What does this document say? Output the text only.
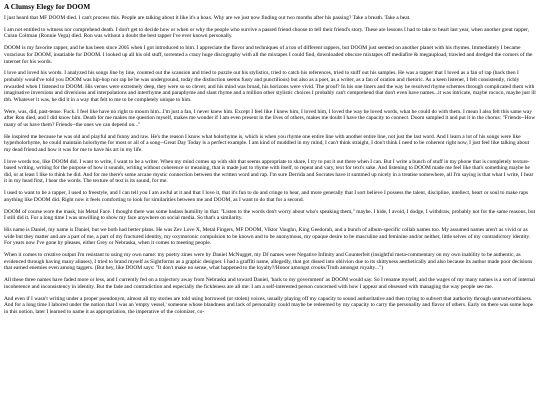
A Clumsy Elegy for DOOM

I just heard that MF DOOM died. I can't process this. People are talking about it like it's a hoax. Why are we just now finding out two months after his passing? Take a breath. Take a beat.

I am not entitled to witness nor comprehend death. I don't get to decide how or when or why the people who survive a passed friend choose to tell their friend's story. These are lessons I had to take to heart last year, when another great rapper, Curan Coltman (Ronnie Vega) died. Ron was without a doubt the best rapper I've ever known personally.

DOOM is my favorite rapper, and he has been since 2005 when I got introduced to him. I appreciate the flavor and techniques of a ton of different rappers, but DOOM just seemed on another planet with his rhymes. Immediately I became voracious for DOOM, insatiable for DOOM. I looked up all his old stuff, torrented a crazy huge discography with all the mixtapes I could find, downloaded obscure mixtapes off mediafire & megaupload, trawled and dredged the corners of the internet for his words.

I love and loved his words. I analyzed his songs line by line, counted out the scansion and tried to puzzle out his stylistics, tried to catch his references, tried to sniff out his samples. He was a rapper that I loved as a fan of rap (back then I probably would've told you DOOM was hip-hop not rap be he was underground, today the distinction seems fussy and punctilious) but also as a poet, as a writer, as a fan of oration and rhetoric. As a keen listener, I felt consistently, richly rewarded when I listened to DOOM. His verses were extremely deep, they were so so clever, and his mind was broad, his horizons were vivid. The proof? In his one liners and the way he resolved rhyme schemes through complicated them with imaginative inversions and diversions and interpolations and interrhyme and paraphyme and slant rhyme and a million other stylistic choices I probably can't comprehend that don't even have names...it was intricate, maybe rococo, maybe just ill tbh. Whatever it was, he did it in a way that felt to me to be completely unique to him.

Were, was, did, past-tense. Fuck. I feel like have no right to mourn him...I'm just a fan, I never knew him. Except I feel like I knew him, I loved him, I loved the way he loved words, what he could do with them. I mean I also felt this same way after Ron died, and I did know him. Death for me makes me question myself, makes me wonder if I am even present in the lives of others, makes me doubt I have the capacity to connect. Doom sampled it and put it in the chorus: "Friends--How many of us have them? Friends--the ones we can depend on..."

He inspired me because he was old and playful and funny and raw. He's the reason I know what holorhyme is, which is when you rhyme one entire line with another entire line, not just the last word. And I learn a lot of his songs were like hyperholorhyme, he could maintain holorhyme for most or all of a song--Great Day Today is a perfect example. I am kind of muddled in my mind, I can't think straight, I don't think I need to be coherent right now, I just feel like talking about my dead friend and how it was for me to have his art in my life.

I love words too, like DOOM did. I want to write, I want to be a writer. When my mind comes up with shit that seems appropriate to share, I try to put it out there when I can. But I write a bunch of stuff in my phone that is completely texture-based writing, writing for the purpose of how it sounds, writing without coherence or meaning, that is made just to rhyme with itself, to repeat and vary, text for text's sake. And listening to DOOM made me feel like that's something maybe he did, or at least I like to think he did. And for me there's some arcane mystic connection between the written word and rap. I'm sure Derrida and Socrates have it summed up nicely in a treatise somewhere, all I'm saying is that what I write, I hear it in my head first, I hear the words. The texture of text is its sound, for me.

I used to want to be a rapper, I used to freestyle, and I can tell you I am awful at it and that I love it, that it's fun to do and cringe to hear, and more generally that I sort believe I possess the talent, discipline, intellect, heart or soul to make raps anything like DOOM did. Right now it feels comforting to look for similarities between me and DOOM, as I want to do that for a second.

DOOM of course wore the mask, his Metal Face. I thought there was some badass humility in that. "Listen to the words don't worry about who's speaking them," maybe. I hide, I avoid, I dodge, I withdraw, probably not for the same reasons, but I still did it. For a long time I was unwilling to show my face anywhere on social media. So that's a similarity.

His name is Daniel, my name is Daniel, but we both had better plans. He was Zev Love X, Metal Fingers, MF DOOM, Viktor Vaughn, King Geedorah, and a bunch of album-specific collab names too. My assumed names aren't as vivid or as wide but they matter and are a part of me, a part of my fractured identity, my oxymoronic compulsion to be known and to be anonymous, my opaque desire to be masculine and feminine and/or neither, little selves of my contradictory identity. For years now I've gone by pleases, either Grey or Nebraska, when it comes to meeting people.

When it comes to creative output I'm resistant to using my own name: my poetry zines were by Daniel McNugget, my DJ names were Negative Infinity and Counterfeit (insightful meta-commentary on my own inability to be authentic, as evidenced through having many aliases), I tried to brand myself as Sightforms as a graphic designer. I had a graffiti name, allegedly, that got dissed into oblivion due to its shittyness aesthetically and also because its author made poor decisions that earned enemies even among taggers. (But hey, like DOOM says: "It don't make no sense, what happened to the loyalty?/Honor amongst crooks/Truth amongst royalty...")

All these three names have faded more or less, and I currently fed on a trajectory away from Nebraska and toward Daniel, 'back to my government' as DOOM would say. So I rename myself, and the wages of my many names is a sort of internal incoherence and inconsistency in identity. But the fade and contradiction and especially the fickleness are all me: I am a self-interested person concerned with how I appear and obsessed with managing the way people see me.

And even if I wasn't writing under a proper pseudonym, almost all my stories are told using borrowed (or stolen) voices, usually playing off my capacity to sound authoritative and then trying to subvert that authority through untrustworthiness. And for a long time I labored under the notion that I was an 'empty vessel,' someone whose blandness and lack of personality could maybe be redeemed by my capacity to carry the personality and flavor of others. Early on there was some hope in this notion, later I learned to name it as appropriation, the imperative of the colonizer, co-
